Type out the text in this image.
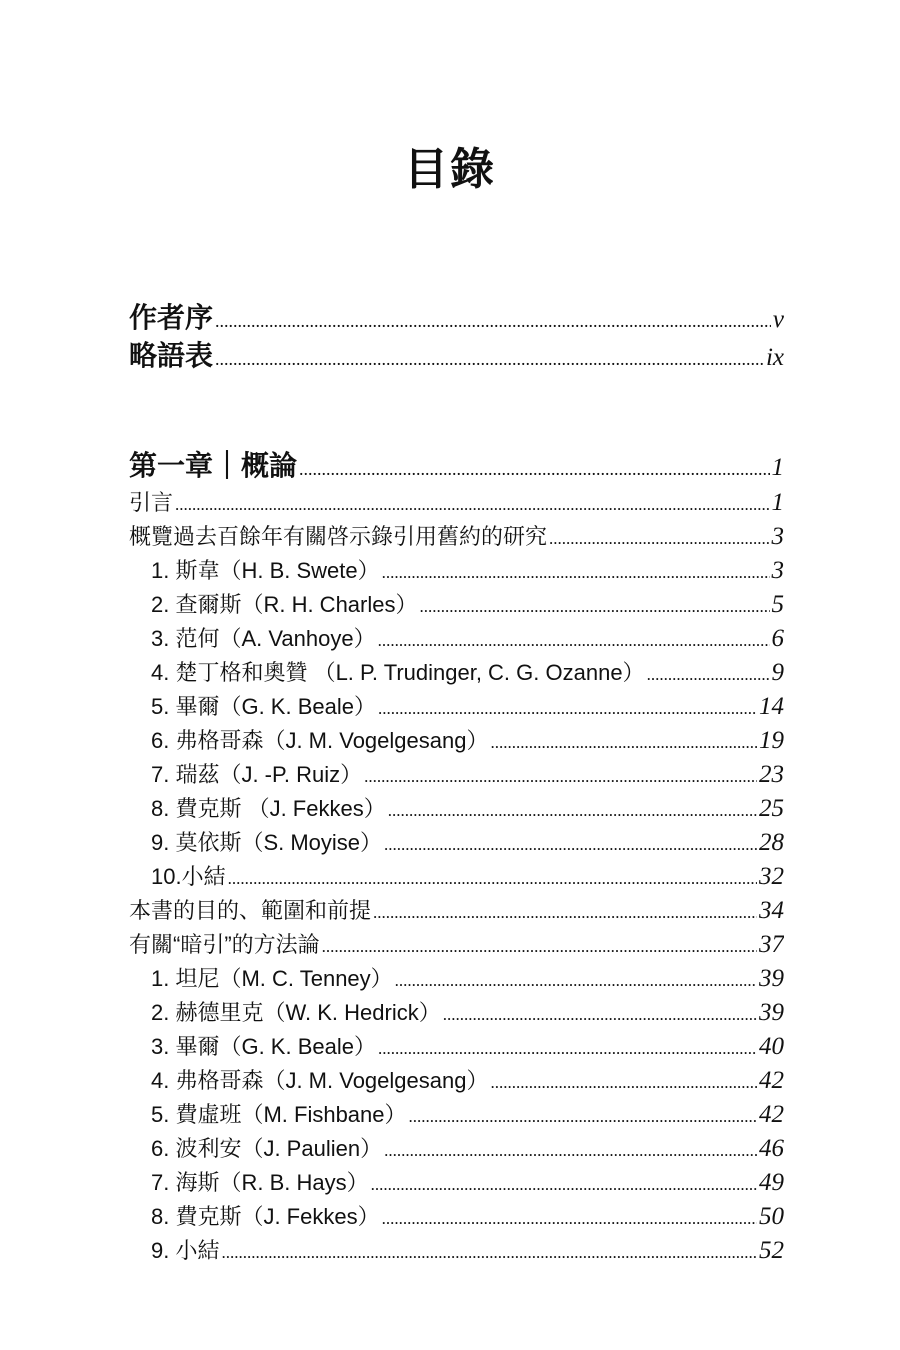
目錄
作者序 .....	v
略語表 .....	ix
第一章｜概論 .....	1
引言 .....	1
概覽過去百餘年有關啓示錄引用舊約的研究 .....	3
1. 斯韋（H. B. Swete） .....	3
2. 查爾斯（R. H. Charles） .....	5
3. 范何（A. Vanhoye） .....	6
4. 楚丁格和奧贊 （L. P. Trudinger, C. G. Ozanne） .....	9
5. 畢爾（G. K. Beale） .....	14
6. 弗格哥森（J. M. Vogelgesang） .....	19
7. 瑞茲（J. -P. Ruiz） .....	23
8. 費克斯 （J. Fekkes） .....	25
9. 莫依斯（S. Moyise） .....	28
10.小結 .....	32
本書的目的、範圍和前提 .....	34
有關“暗引”的方法論 .....	37
1. 坦尼（M. C. Tenney） .....	39
2. 赫德里克（W. K. Hedrick） .....	39
3. 畢爾（G. K. Beale） .....	40
4. 弗格哥森（J. M. Vogelgesang） .....	42
5. 費虛班（M. Fishbane） .....	42
6. 波利安（J. Paulien） .....	46
7. 海斯（R. B. Hays） .....	49
8. 費克斯（J. Fekkes） .....	50
9. 小結 .....	52
